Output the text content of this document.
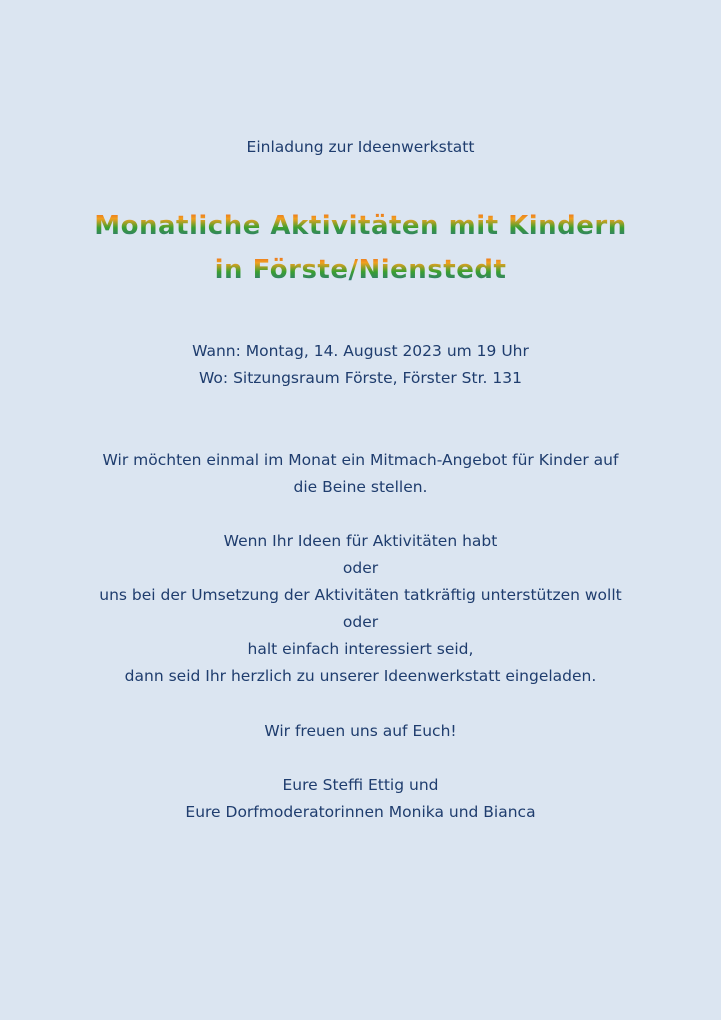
Einladung zur Ideenwerkstatt
Monatliche Aktivitäten mit Kindern
in Förste/Nienstedt
Wann: Montag, 14. August 2023 um 19 Uhr
Wo: Sitzungsraum Förste, Förster Str. 131
Wir möchten einmal im Monat ein Mitmach-Angebot für Kinder auf
die Beine stellen.
Wenn Ihr Ideen für Aktivitäten habt
oder
uns bei der Umsetzung der Aktivitäten tatkräftig unterstützen wollt
oder
halt einfach interessiert seid,
dann seid Ihr herzlich zu unserer Ideenwerkstatt eingeladen.
Wir freuen uns auf Euch!
Eure Steffi Ettig und
Eure Dorfmoderatorinnen Monika und Bianca
